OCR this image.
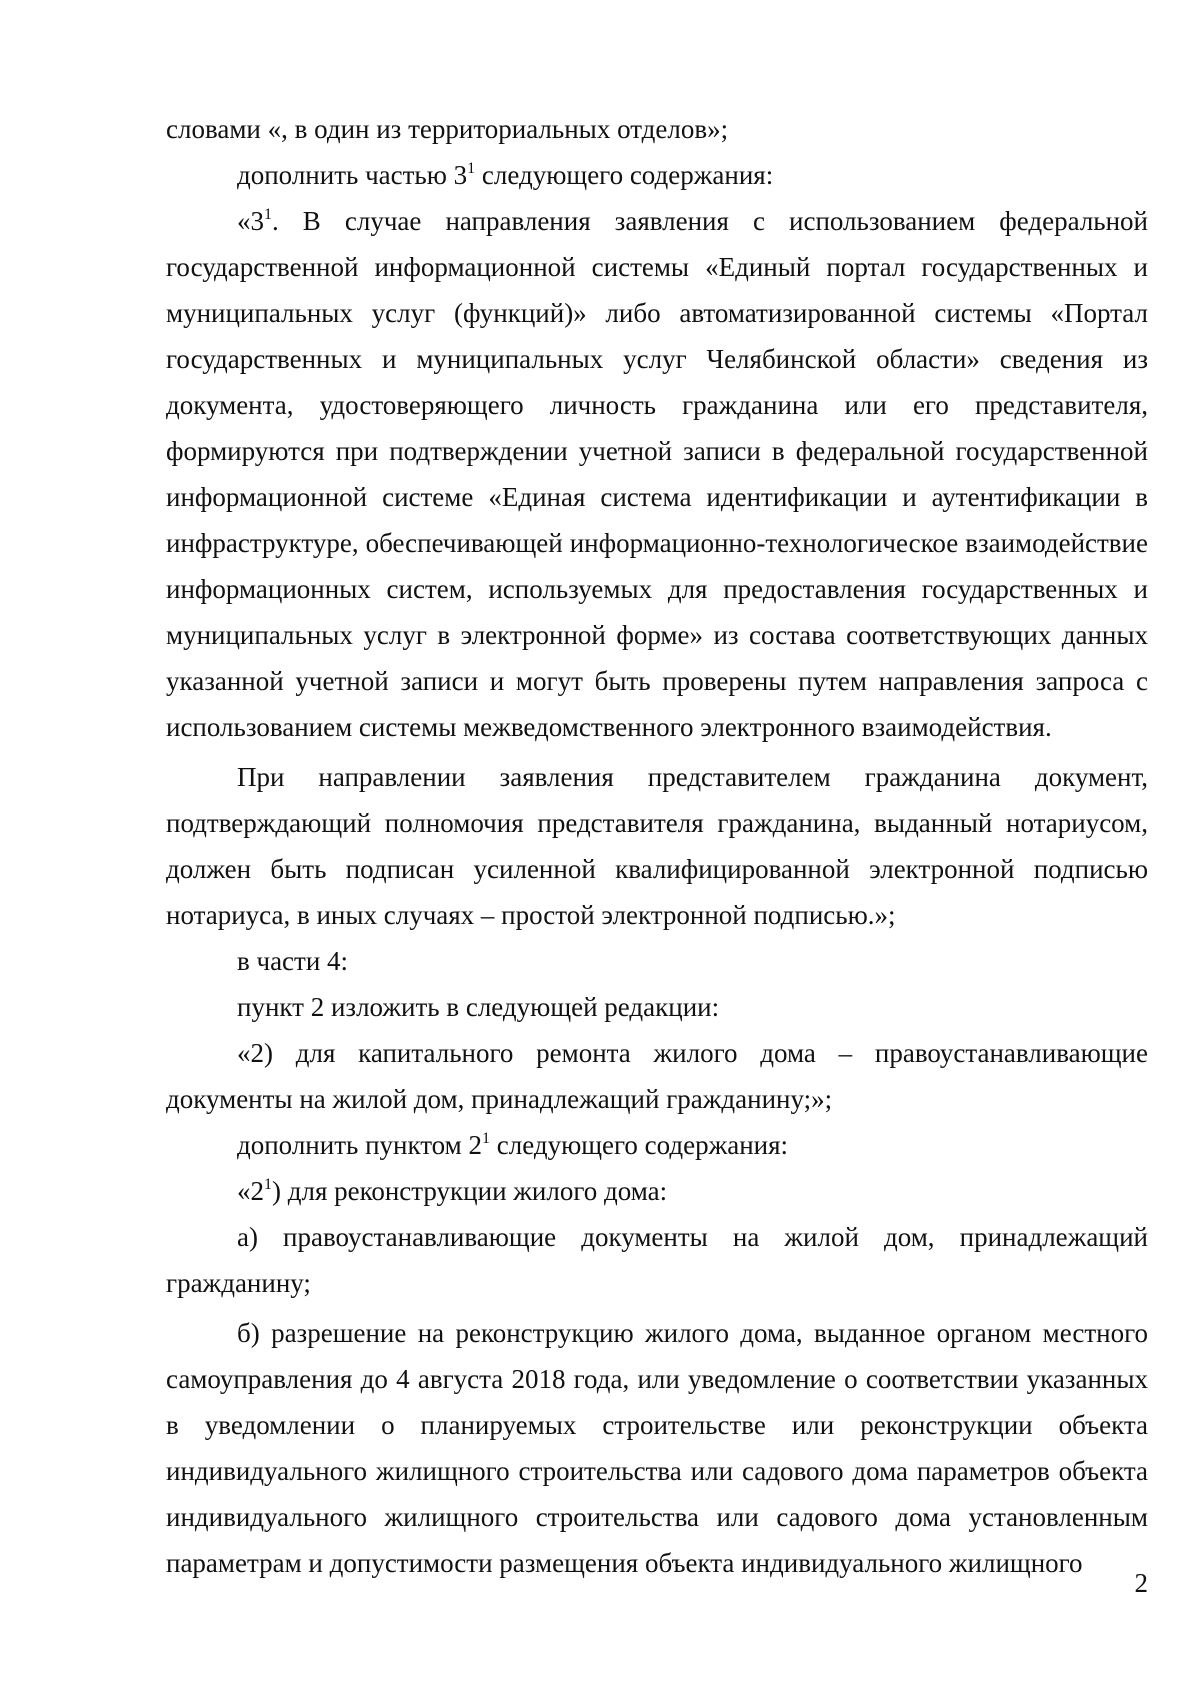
словами «, в один из территориальных отделов»;

дополнить частью $3^1$ следующего содержания:

«$3^1$. В случае направления заявления с использованием федеральной государственной информационной системы «Единый портал государственных и муниципальных услуг (функций)» либо автоматизированной системы «Портал государственных и муниципальных услуг Челябинской области» сведения из документа, удостоверяющего личность гражданина или его представителя, формируются при подтверждении учетной записи в федеральной государственной информационной системе «Единая система идентификации и аутентификации в инфраструктуре, обеспечивающей информационно-технологическое взаимодействие информационных систем, используемых для предоставления государственных и муниципальных услуг в электронной форме» из состава соответствующих данных указанной учетной записи и могут быть проверены путем направления запроса с использованием системы межведомственного электронного взаимодействия.

При направлении заявления представителем гражданина документ, подтверждающий полномочия представителя гражданина, выданный нотариусом, должен быть подписан усиленной квалифицированной электронной подписью нотариуса, в иных случаях – простой электронной подписью.»;

в части 4:

пункт 2 изложить в следующей редакции:

«2) для капитального ремонта жилого дома – правоустанавливающие документы на жилой дом, принадлежащий гражданину;»;

дополнить пунктом $2^1$ следующего содержания:

«$2^1$) для реконструкции жилого дома:

а) правоустанавливающие документы на жилой дом, принадлежащий гражданину;

б) разрешение на реконструкцию жилого дома, выданное органом местного самоуправления до 4 августа 2018 года, или уведомление о соответствии указанных в уведомлении о планируемых строительстве или реконструкции объекта индивидуального жилищного строительства или садового дома параметров объекта индивидуального жилищного строительства или садового дома установленным параметрам и допустимости размещения объекта индивидуального жилищного

2
